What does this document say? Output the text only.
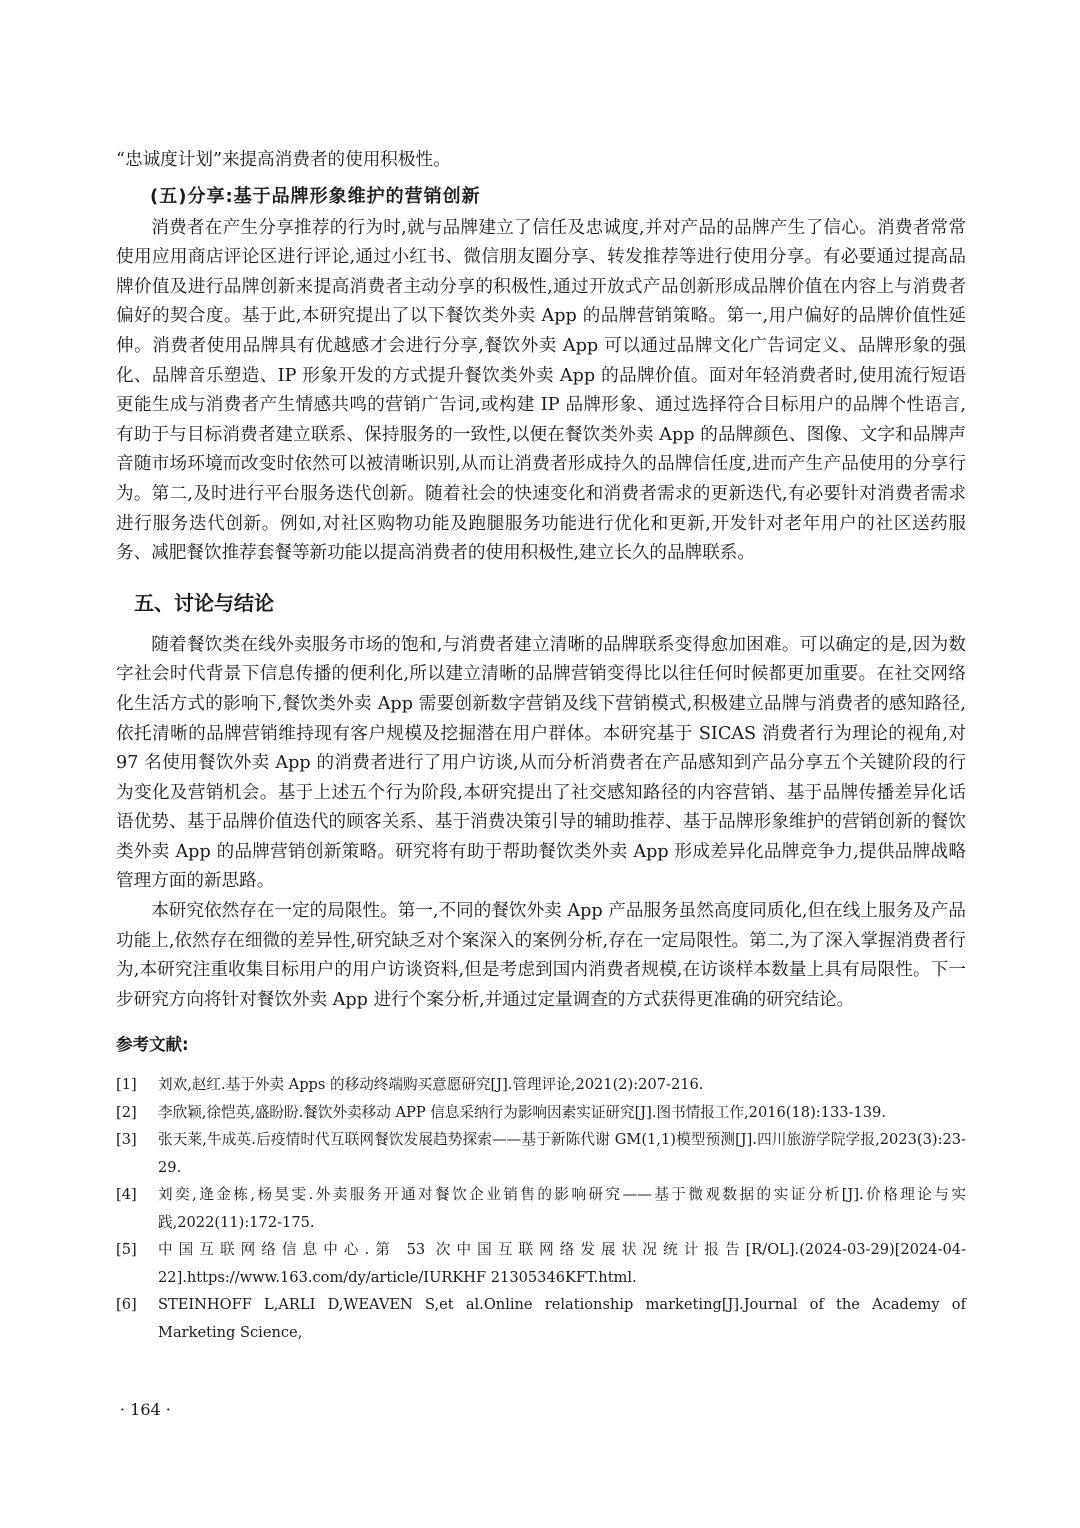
“忠诚度计划”来提高消费者的使用积极性。

(五)分享:基于品牌形象维护的营销创新

消费者在产生分享推荐的行为时,就与品牌建立了信任及忠诚度,并对产品的品牌产生了信心。消费者常常使用应用商店评论区进行评论,通过小红书、微信朋友圈分享、转发推荐等进行使用分享。有必要通过提高品牌价值及进行品牌创新来提高消费者主动分享的积极性,通过开放式产品创新形成品牌价值在内容上与消费者偏好的契合度。基于此,本研究提出了以下餐饮类外卖 App 的品牌营销策略。第一,用户偏好的品牌价值性延伸。消费者使用品牌具有优越感才会进行分享,餐饮外卖 App 可以通过品牌文化广告词定义、品牌形象的强化、品牌音乐塑造、IP 形象开发的方式提升餐饮类外卖 App 的品牌价值。面对年轻消费者时,使用流行短语更能生成与消费者产生情感共鸣的营销广告词,或构建 IP 品牌形象、通过选择符合目标用户的品牌个性语言,有助于与目标消费者建立联系、保持服务的一致性,以便在餐饮类外卖 App 的品牌颜色、图像、文字和品牌声音随市场环境而改变时依然可以被清晰识别,从而让消费者形成持久的品牌信任度,进而产生产品使用的分享行为。第二,及时进行平台服务迭代创新。随着社会的快速变化和消费者需求的更新迭代,有必要针对消费者需求进行服务迭代创新。例如,对社区购物功能及跑腿服务功能进行优化和更新,开发针对老年用户的社区送药服务、减肥餐饮推荐套餐等新功能以提高消费者的使用积极性,建立长久的品牌联系。

五、讨论与结论

随着餐饮类在线外卖服务市场的饱和,与消费者建立清晰的品牌联系变得愈加困难。可以确定的是,因为数字社会时代背景下信息传播的便利化,所以建立清晰的品牌营销变得比以往任何时候都更加重要。在社交网络化生活方式的影响下,餐饮类外卖 App 需要创新数字营销及线下营销模式,积极建立品牌与消费者的感知路径,依托清晰的品牌营销维持现有客户规模及挖掘潜在用户群体。本研究基于 SICAS 消费者行为理论的视角,对 97 名使用餐饮外卖 App 的消费者进行了用户访谈,从而分析消费者在产品感知到产品分享五个关键阶段的行为变化及营销机会。基于上述五个行为阶段,本研究提出了社交感知路径的内容营销、基于品牌传播差异化话语优势、基于品牌价值迭代的顾客关系、基于消费决策引导的辅助推荐、基于品牌形象维护的营销创新的餐饮类外卖 App 的品牌营销创新策略。研究将有助于帮助餐饮类外卖 App 形成差异化品牌竞争力,提供品牌战略管理方面的新思路。

本研究依然存在一定的局限性。第一,不同的餐饮外卖 App 产品服务虽然高度同质化,但在线上服务及产品功能上,依然存在细微的差异性,研究缺乏对个案深入的案例分析,存在一定局限性。第二,为了深入掌握消费者行为,本研究注重收集目标用户的用户访谈资料,但是考虑到国内消费者规模,在访谈样本数量上具有局限性。下一步研究方向将针对餐饮外卖 App 进行个案分析,并通过定量调查的方式获得更准确的研究结论。

参考文献:
[1]	刘欢,赵红.基于外卖 Apps 的移动终端购买意愿研究[J].管理评论,2021(2):207-216.
[2]	李欣颖,徐恺英,盛盼盼.餐饮外卖移动 APP 信息采纳行为影响因素实证研究[J].图书情报工作,2016(18):133-139.
[3]	张天莱,牛成英.后疫情时代互联网餐饮发展趋势探索——基于新陈代谢 GM(1,1)模型预测[J].四川旅游学院学报,2023(3):23-29.
[4]	刘奕,逄金栋,杨昊雯.外卖服务开通对餐饮企业销售的影响研究——基于微观数据的实证分析[J].价格理论与实践,2022(11):172-175.
[5]	中国互联网络信息中心.第 53 次中国互联网络发展状况统计报告[R/OL].(2024-03-29)[2024-04-22].https://www.163.com/dy/article/IURKHF 21305346KFT.html.
[6]	STEINHOFF L,ARLI D,WEAVEN S,et al.Online relationship marketing[J].Journal of the Academy of Marketing Science,
· 164 ·
